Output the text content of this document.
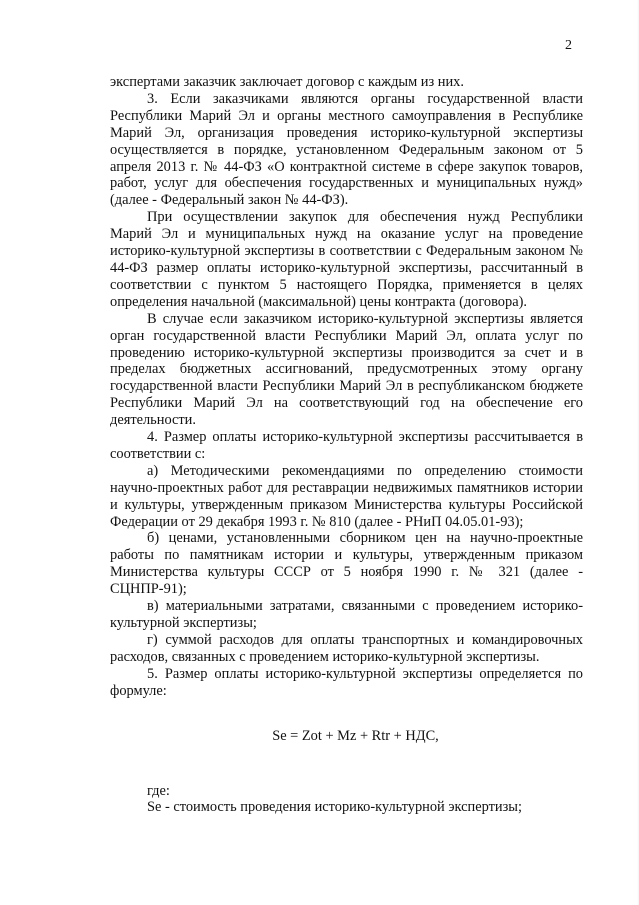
2

экспертами заказчик заключает договор с каждым из них.

3. Если заказчиками являются органы государственной власти Республики Марий Эл и органы местного самоуправления в Республике Марий Эл, организация проведения историко-культурной экспертизы осуществляется в порядке, установленном Федеральным законом от 5 апреля 2013 г. № 44-ФЗ «О контрактной системе в сфере закупок товаров, работ, услуг для обеспечения государственных и муниципальных нужд» (далее - Федеральный закон № 44-ФЗ).

При осуществлении закупок для обеспечения нужд Республики Марий Эл и муниципальных нужд на оказание услуг на проведение историко-культурной экспертизы в соответствии с Федеральным законом № 44-ФЗ размер оплаты историко-культурной экспертизы, рассчитанный в соответствии с пунктом 5 настоящего Порядка, применяется в целях определения начальной (максимальной) цены контракта (договора).

В случае если заказчиком историко-культурной экспертизы является орган государственной власти Республики Марий Эл, оплата услуг по проведению историко-культурной экспертизы производится за счет и в пределах бюджетных ассигнований, предусмотренных этому органу государственной власти Республики Марий Эл в республиканском бюджете Республики Марий Эл на соответствующий год на обеспечение его деятельности.

4. Размер оплаты историко-культурной экспертизы рассчитывается в соответствии с:

а) Методическими рекомендациями по определению стоимости научно-проектных работ для реставрации недвижимых памятников истории и культуры, утвержденным приказом Министерства культуры Российской Федерации от 29 декабря 1993 г. № 810 (далее - РНиП 04.05.01-93);

б) ценами, установленными сборником цен на научно-проектные работы по памятникам истории и культуры, утвержденным приказом Министерства культуры СССР от 5 ноября 1990 г. № 321 (далее - СЦНПР-91);

в) материальными затратами, связанными с проведением историко-культурной экспертизы;

г) суммой расходов для оплаты транспортных и командировочных расходов, связанных с проведением историко-культурной экспертизы.

5. Размер оплаты историко-культурной экспертизы определяется по формуле:

Se = Zot + Mz + Rtr + НДС,

где:

Se - стоимость проведения историко-культурной экспертизы;
